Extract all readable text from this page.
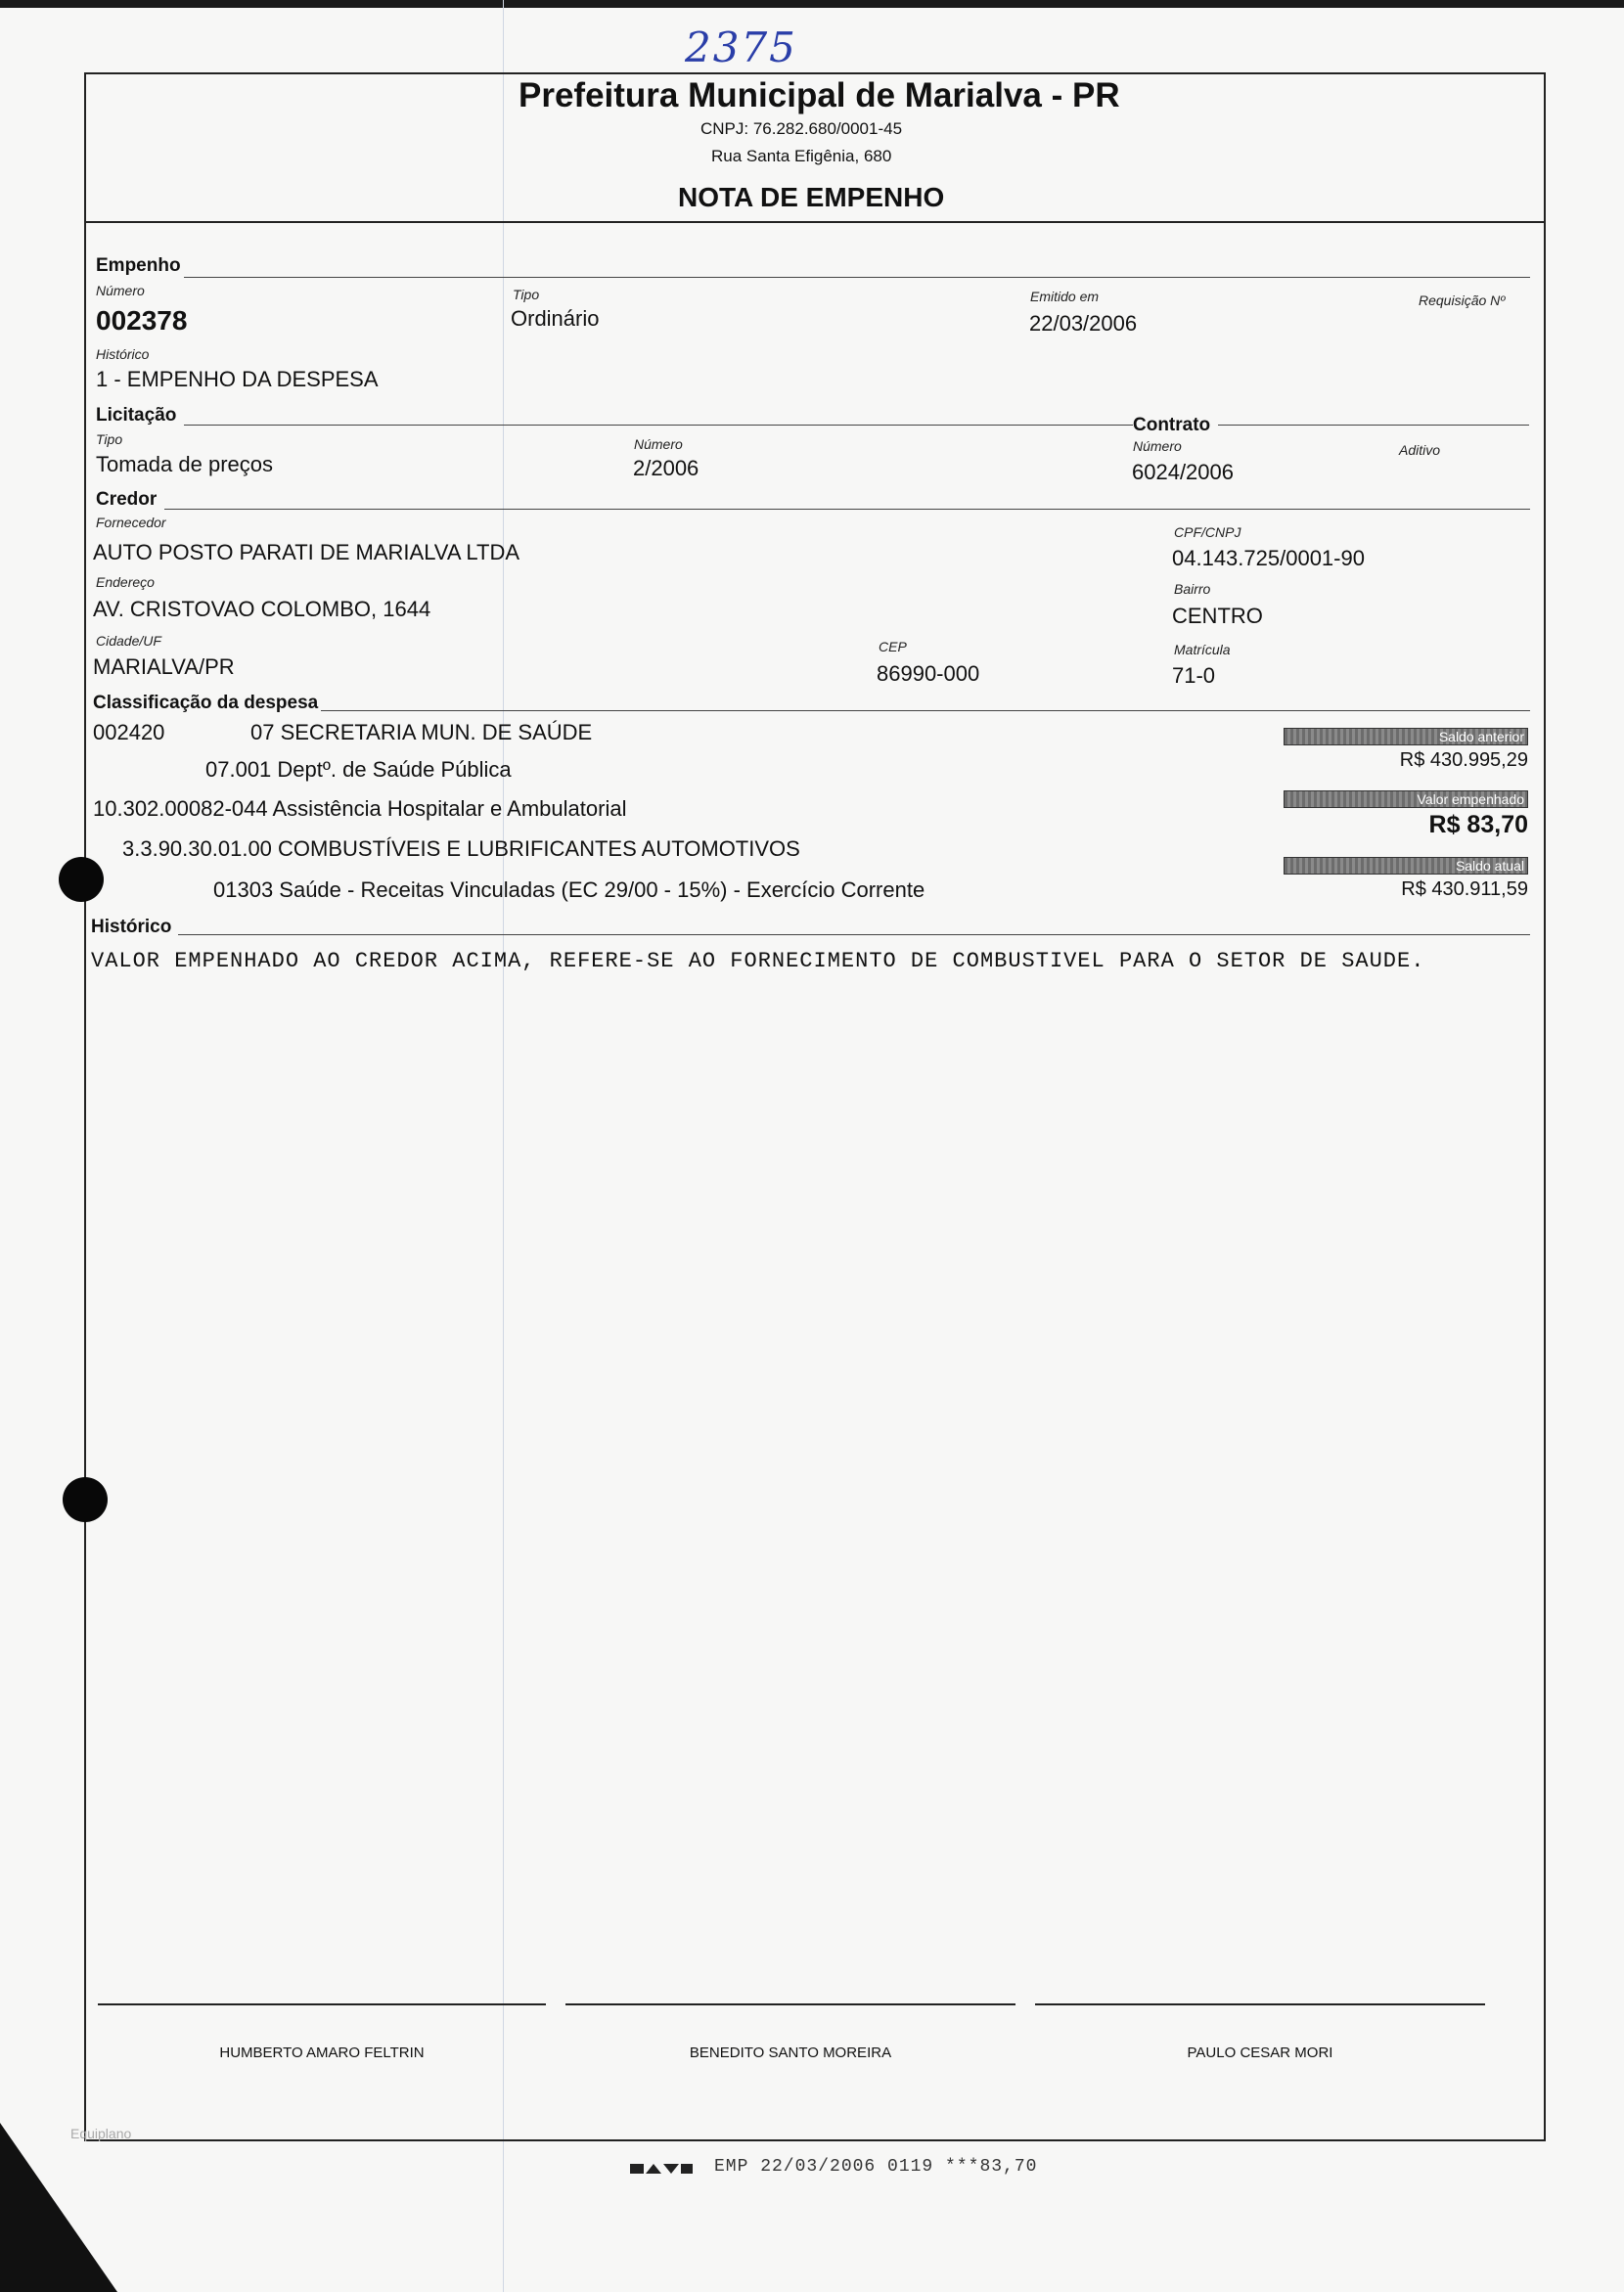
2375
Prefeitura Municipal de Marialva - PR
CNPJ: 76.282.680/0001-45
Rua Santa Efigênia, 680
NOTA DE EMPENHO
Empenho
Número
002378
Tipo
Ordinário
Emitido em
22/03/2006
Requisição Nº
Histórico
1 - EMPENHO DA DESPESA
Licitação	Contrato
Tipo
Tomada de preços
Número
2/2006
Número
6024/2006
Aditivo
Credor
Fornecedor
AUTO POSTO PARATI DE MARIALVA LTDA
CPF/CNPJ
04.143.725/0001-90
Endereço
AV. CRISTOVAO COLOMBO, 1644
Bairro
CENTRO
Cidade/UF
MARIALVA/PR
CEP
86990-000
Matrícula
71-0
Classificação da despesa
002420	07 SECRETARIA MUN. DE SAÚDE
07.001 Deptº. de Saúde Pública
10.302.00082-044 Assistência Hospitalar e Ambulatorial
3.3.90.30.01.00 COMBUSTÍVEIS E LUBRIFICANTES AUTOMOTIVOS
01303 Saúde - Receitas Vinculadas (EC 29/00 - 15%) - Exercício Corrente
Saldo anterior
R$ 430.995,29
Valor empenhado
R$ 83,70
Saldo atual
R$ 430.911,59
Histórico
VALOR EMPENHADO AO CREDOR ACIMA, REFERE-SE AO FORNECIMENTO DE COMBUSTIVEL PARA O SETOR DE SAUDE.
HUMBERTO AMARO FELTRIN	BENEDITO SANTO MOREIRA	PAULO CESAR MORI
Equiplano
EMP 22/03/2006 0119 ***83,70
